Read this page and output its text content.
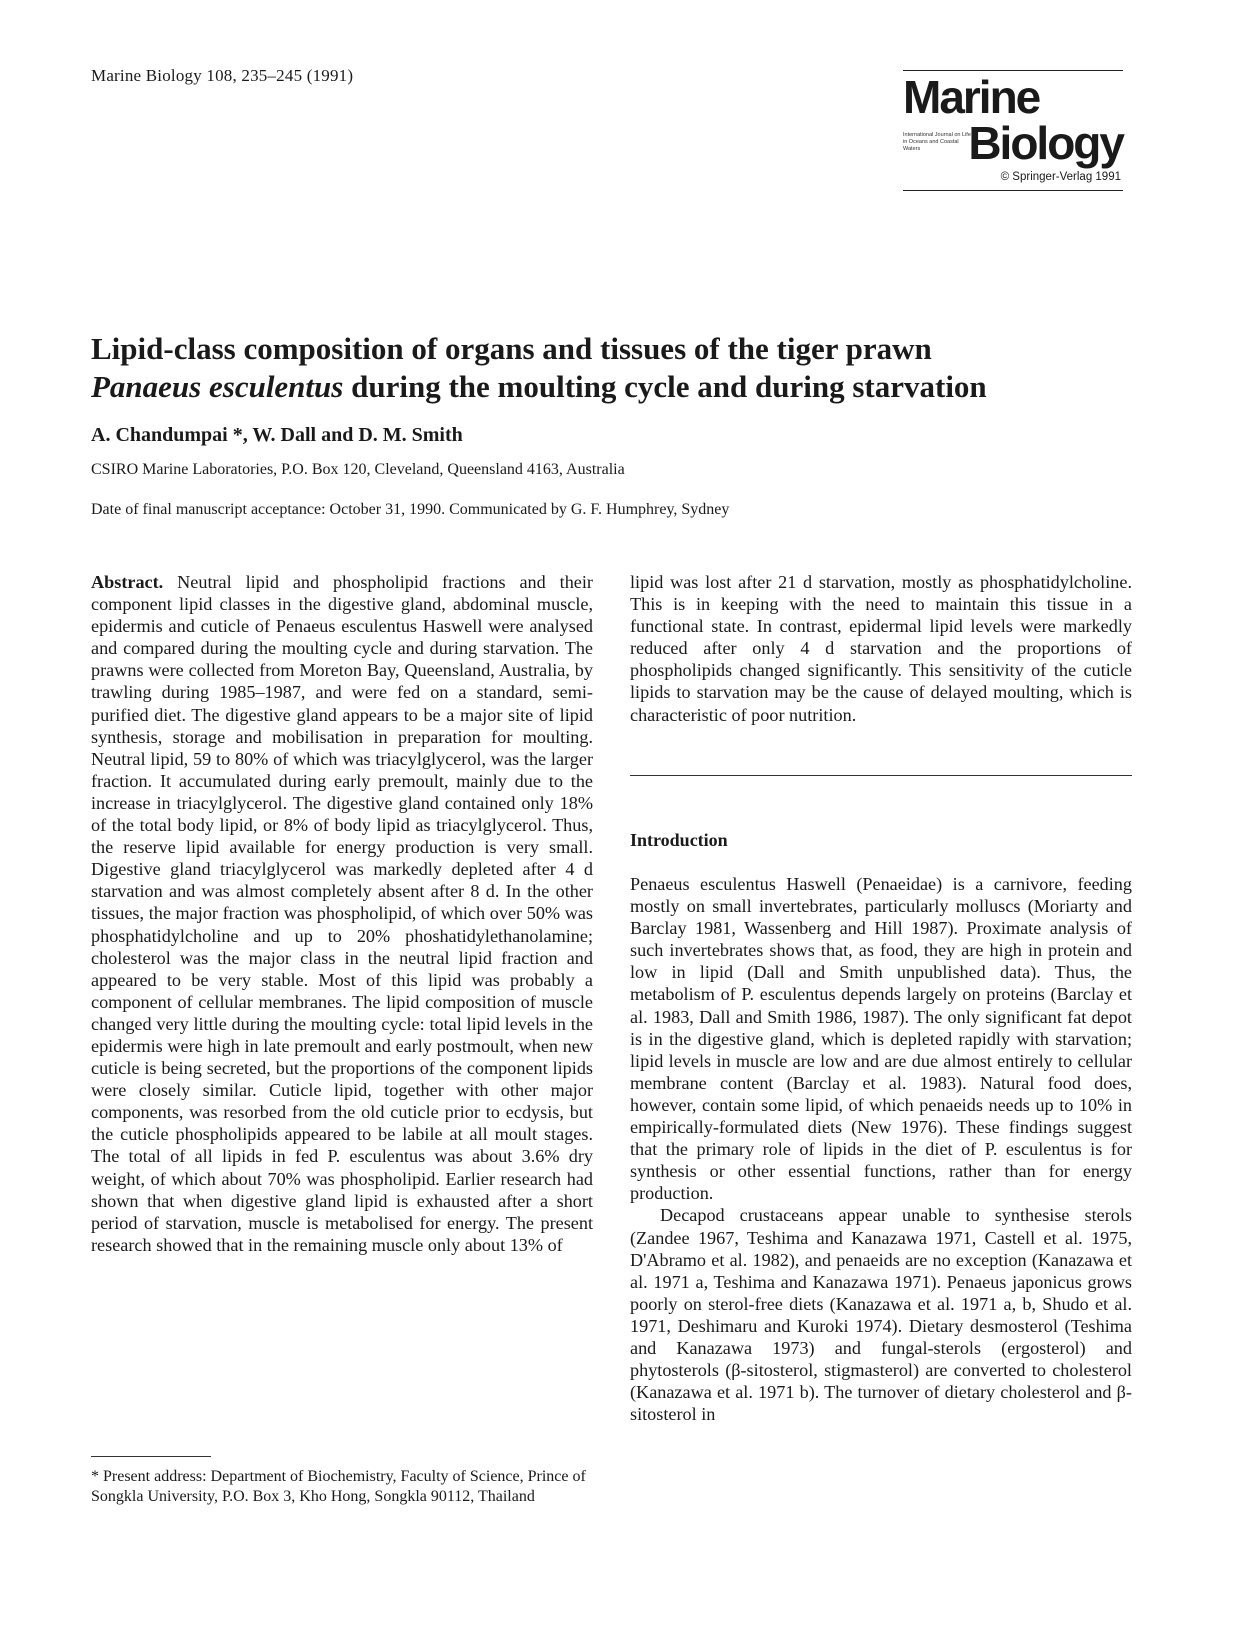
Marine Biology 108, 235–245 (1991)	Marine
International Journal on Life in Oceans and Coastal Waters	Biology
© Springer-Verlag 1991
Lipid-class composition of organs and tissues of the tiger prawn
Panaeus esculentus during the moulting cycle and during starvation
A. Chandumpai *, W. Dall and D. M. Smith
CSIRO Marine Laboratories, P.O. Box 120, Cleveland, Queensland 4163, Australia
Date of final manuscript acceptance: October 31, 1990. Communicated by G. F. Humphrey, Sydney

Abstract. Neutral lipid and phospholipid fractions and their component lipid classes in the digestive gland, abdominal muscle, epidermis and cuticle of Penaeus esculentus Haswell were analysed and compared during the moulting cycle and during starvation. The prawns were collected from Moreton Bay, Queensland, Australia, by trawling during 1985–1987, and were fed on a standard, semi-purified diet. The digestive gland appears to be a major site of lipid synthesis, storage and mobilisation in preparation for moulting. Neutral lipid, 59 to 80% of which was triacylglycerol, was the larger fraction. It accumulated during early premoult, mainly due to the increase in triacylglycerol. The digestive gland contained only 18% of the total body lipid, or 8% of body lipid as triacylglycerol. Thus, the reserve lipid available for energy production is very small. Digestive gland triacylglycerol was markedly depleted after 4 d starvation and was almost completely absent after 8 d. In the other tissues, the major fraction was phospholipid, of which over 50% was phosphatidylcholine and up to 20% phoshatidylethanolamine; cholesterol was the major class in the neutral lipid fraction and appeared to be very stable. Most of this lipid was probably a component of cellular membranes. The lipid composition of muscle changed very little during the moulting cycle: total lipid levels in the epidermis were high in late premoult and early postmoult, when new cuticle is being secreted, but the proportions of the component lipids were closely similar. Cuticle lipid, together with other major components, was resorbed from the old cuticle prior to ecdysis, but the cuticle phospholipids appeared to be labile at all moult stages. The total of all lipids in fed P. esculentus was about 3.6% dry weight, of which about 70% was phospholipid. Earlier research had shown that when digestive gland lipid is exhausted after a short period of starvation, muscle is metabolised for energy. The present research showed that in the remaining muscle only about 13% of

lipid was lost after 21 d starvation, mostly as phosphatidylcholine. This is in keeping with the need to maintain this tissue in a functional state. In contrast, epidermal lipid levels were markedly reduced after only 4 d starvation and the proportions of phospholipids changed significantly. This sensitivity of the cuticle lipids to starvation may be the cause of delayed moulting, which is characteristic of poor nutrition.

Introduction

Penaeus esculentus Haswell (Penaeidae) is a carnivore, feeding mostly on small invertebrates, particularly molluscs (Moriarty and Barclay 1981, Wassenberg and Hill 1987). Proximate analysis of such invertebrates shows that, as food, they are high in protein and low in lipid (Dall and Smith unpublished data). Thus, the metabolism of P. esculentus depends largely on proteins (Barclay et al. 1983, Dall and Smith 1986, 1987). The only significant fat depot is in the digestive gland, which is depleted rapidly with starvation; lipid levels in muscle are low and are due almost entirely to cellular membrane content (Barclay et al. 1983). Natural food does, however, contain some lipid, of which penaeids needs up to 10% in empirically-formulated diets (New 1976). These findings suggest that the primary role of lipids in the diet of P. esculentus is for synthesis or other essential functions, rather than for energy production.

Decapod crustaceans appear unable to synthesise sterols (Zandee 1967, Teshima and Kanazawa 1971, Castell et al. 1975, D'Abramo et al. 1982), and penaeids are no exception (Kanazawa et al. 1971 a, Teshima and Kanazawa 1971). Penaeus japonicus grows poorly on sterol-free diets (Kanazawa et al. 1971 a, b, Shudo et al. 1971, Deshimaru and Kuroki 1974). Dietary desmosterol (Teshima and Kanazawa 1973) and fungal-sterols (ergosterol) and phytosterols (β-sitosterol, stigmasterol) are converted to cholesterol (Kanazawa et al. 1971 b). The turnover of dietary cholesterol and β-sitosterol in

* Present address: Department of Biochemistry, Faculty of Science, Prince of Songkla University, P.O. Box 3, Kho Hong, Songkla 90112, Thailand
